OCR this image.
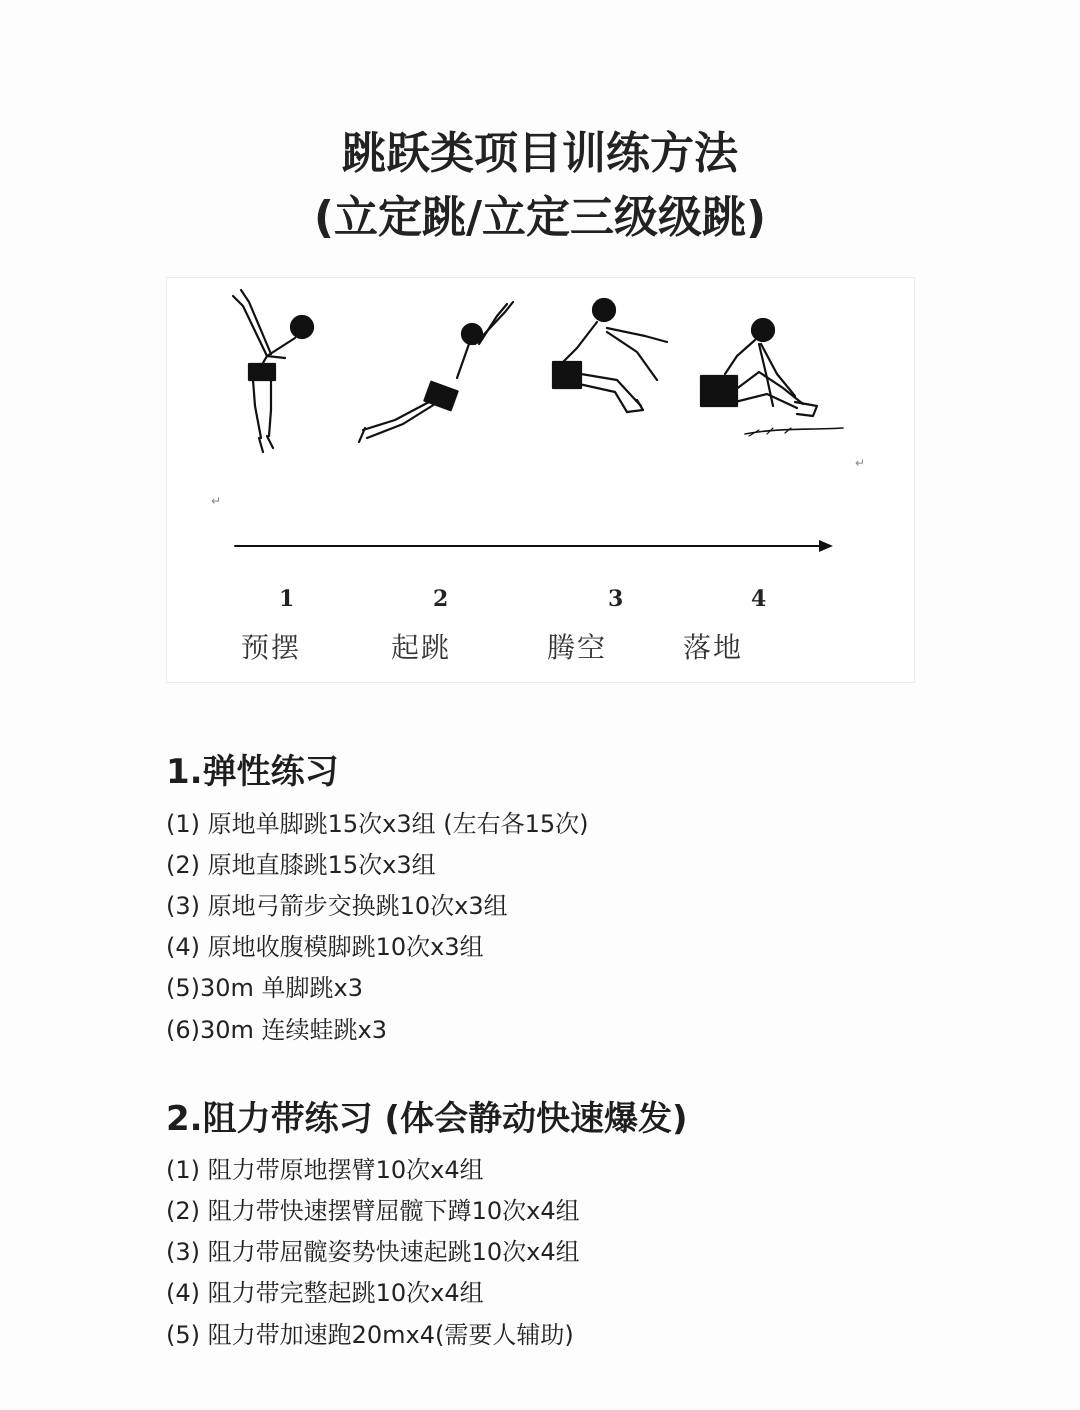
跳跃类项目训练方法
(立定跳/立定三级级跳)
↵
↵
1	2	3	4
预摆	起跳	腾空	落地
1.弹性练习

(1) 原地单脚跳15次x3组 (左右各15次)

(2) 原地直膝跳15次x3组

(3) 原地弓箭步交换跳10次x3组

(4) 原地收腹模脚跳10次x3组

(5)30m 单脚跳x3

(6)30m 连续蛙跳x3

2.阻力带练习 (体会静动快速爆发)

(1) 阻力带原地摆臂10次x4组

(2) 阻力带快速摆臂屈髋下蹲10次x4组

(3) 阻力带屈髋姿势快速起跳10次x4组

(4) 阻力带完整起跳10次x4组

(5) 阻力带加速跑20mx4(需要人辅助)
